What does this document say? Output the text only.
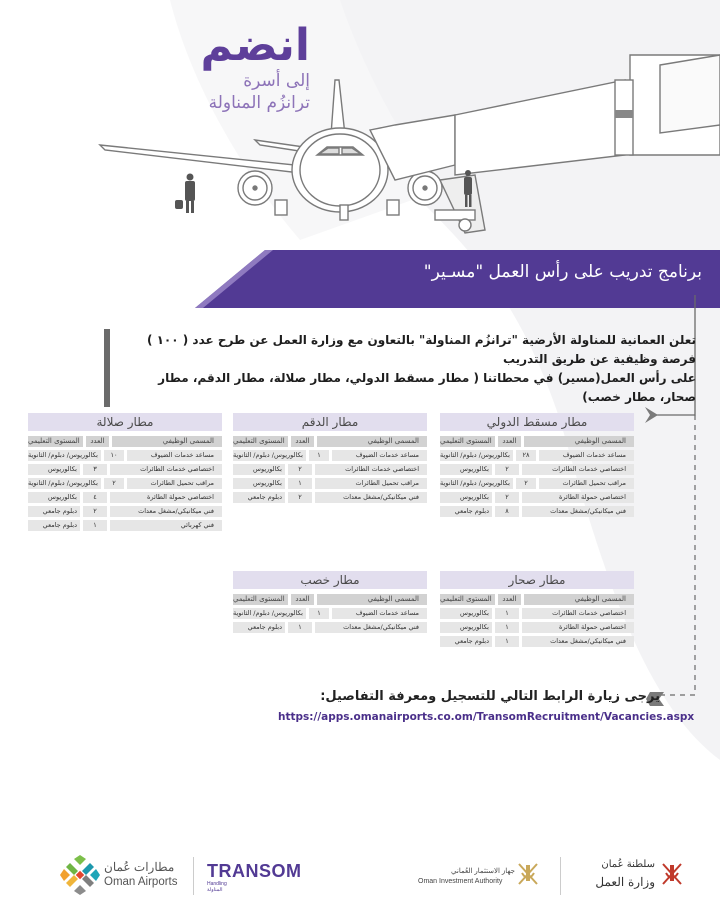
انضم
إلى أسرة
ترانزُم المناولة
برنامج تدريب على رأس العمل "مسـير"
تعلن العمانية للمناولة الأرضية "ترانزُم المناولة" بالتعاون مع وزارة العمل عن طرح عدد ( ١٠٠ ) فرصة وظيفية عن طريق التدريب
على رأس العمل(مسير) في محطاتنا ( مطار مسقط الدولي، مطار صلالة، مطار الدقم، مطار صحار، مطار خصب)
مطار مسقط الدولي
المسمى الوظيفي
العدد
المستوى التعليمي
مساعد خدمات الضيوف
٢٨
بكالوريوس/ دبلوم/ الثانوية
اختصاصي خدمات الطائرات
٢
بكالوريوس
مراقب تحميل الطائرات
٢
بكالوريوس/ دبلوم/ الثانوية
اختصاصي حمولة الطائرة
٢
بكالوريوس
فني ميكانيكي/مشغل معدات
٨
دبلوم جامعي
مطار الدقم
المسمى الوظيفي
العدد
المستوى التعليمي
مساعد خدمات الضيوف
١
بكالوريوس/ دبلوم/ الثانوية
اختصاصي خدمات الطائرات
٢
بكالوريوس
مراقب تحميل الطائرات
١
بكالوريوس
فني ميكانيكي/مشغل معدات
٢
دبلوم جامعي
مطار صلالة
المسمى الوظيفي
العدد
المستوى التعليمي
مساعد خدمات الضيوف
١٠
بكالوريوس/ دبلوم/ الثانوية
اختصاصي خدمات الطائرات
٣
بكالوريوس
مراقب تحميل الطائرات
٢
بكالوريوس/ دبلوم/ الثانوية
اختصاصي حمولة الطائرة
٤
بكالوريوس
فني ميكانيكي/مشغل معدات
٢
دبلوم جامعي
فني كهربائي
١
دبلوم جامعي
مطار صحار
المسمى الوظيفي
العدد
المستوى التعليمي
اختصاصي خدمات الطائرات
١
بكالوريوس
اختصاصي حمولة الطائرة
١
بكالوريوس
فني ميكانيكي/مشغل معدات
١
دبلوم جامعي
مطار خصب
المسمى الوظيفي
العدد
المستوى التعليمي
مساعد خدمات الضيوف
١
بكالوريوس/ دبلوم/ الثانوية
فني ميكانيكي/مشغل معدات
١
دبلوم جامعي
يرجى زيارة الرابط التالي للتسجيل ومعرفة التفاصيل:
https://apps.omanairports.co.om/TransomRecruitment/Vacancies.aspx
مطارات عُمان
Oman Airports
TRANSOM
Handling
المناولة
جهاز الاستثمار العُماني
Oman Investment Authority
سلطنة عُمان
وزارة العمل
